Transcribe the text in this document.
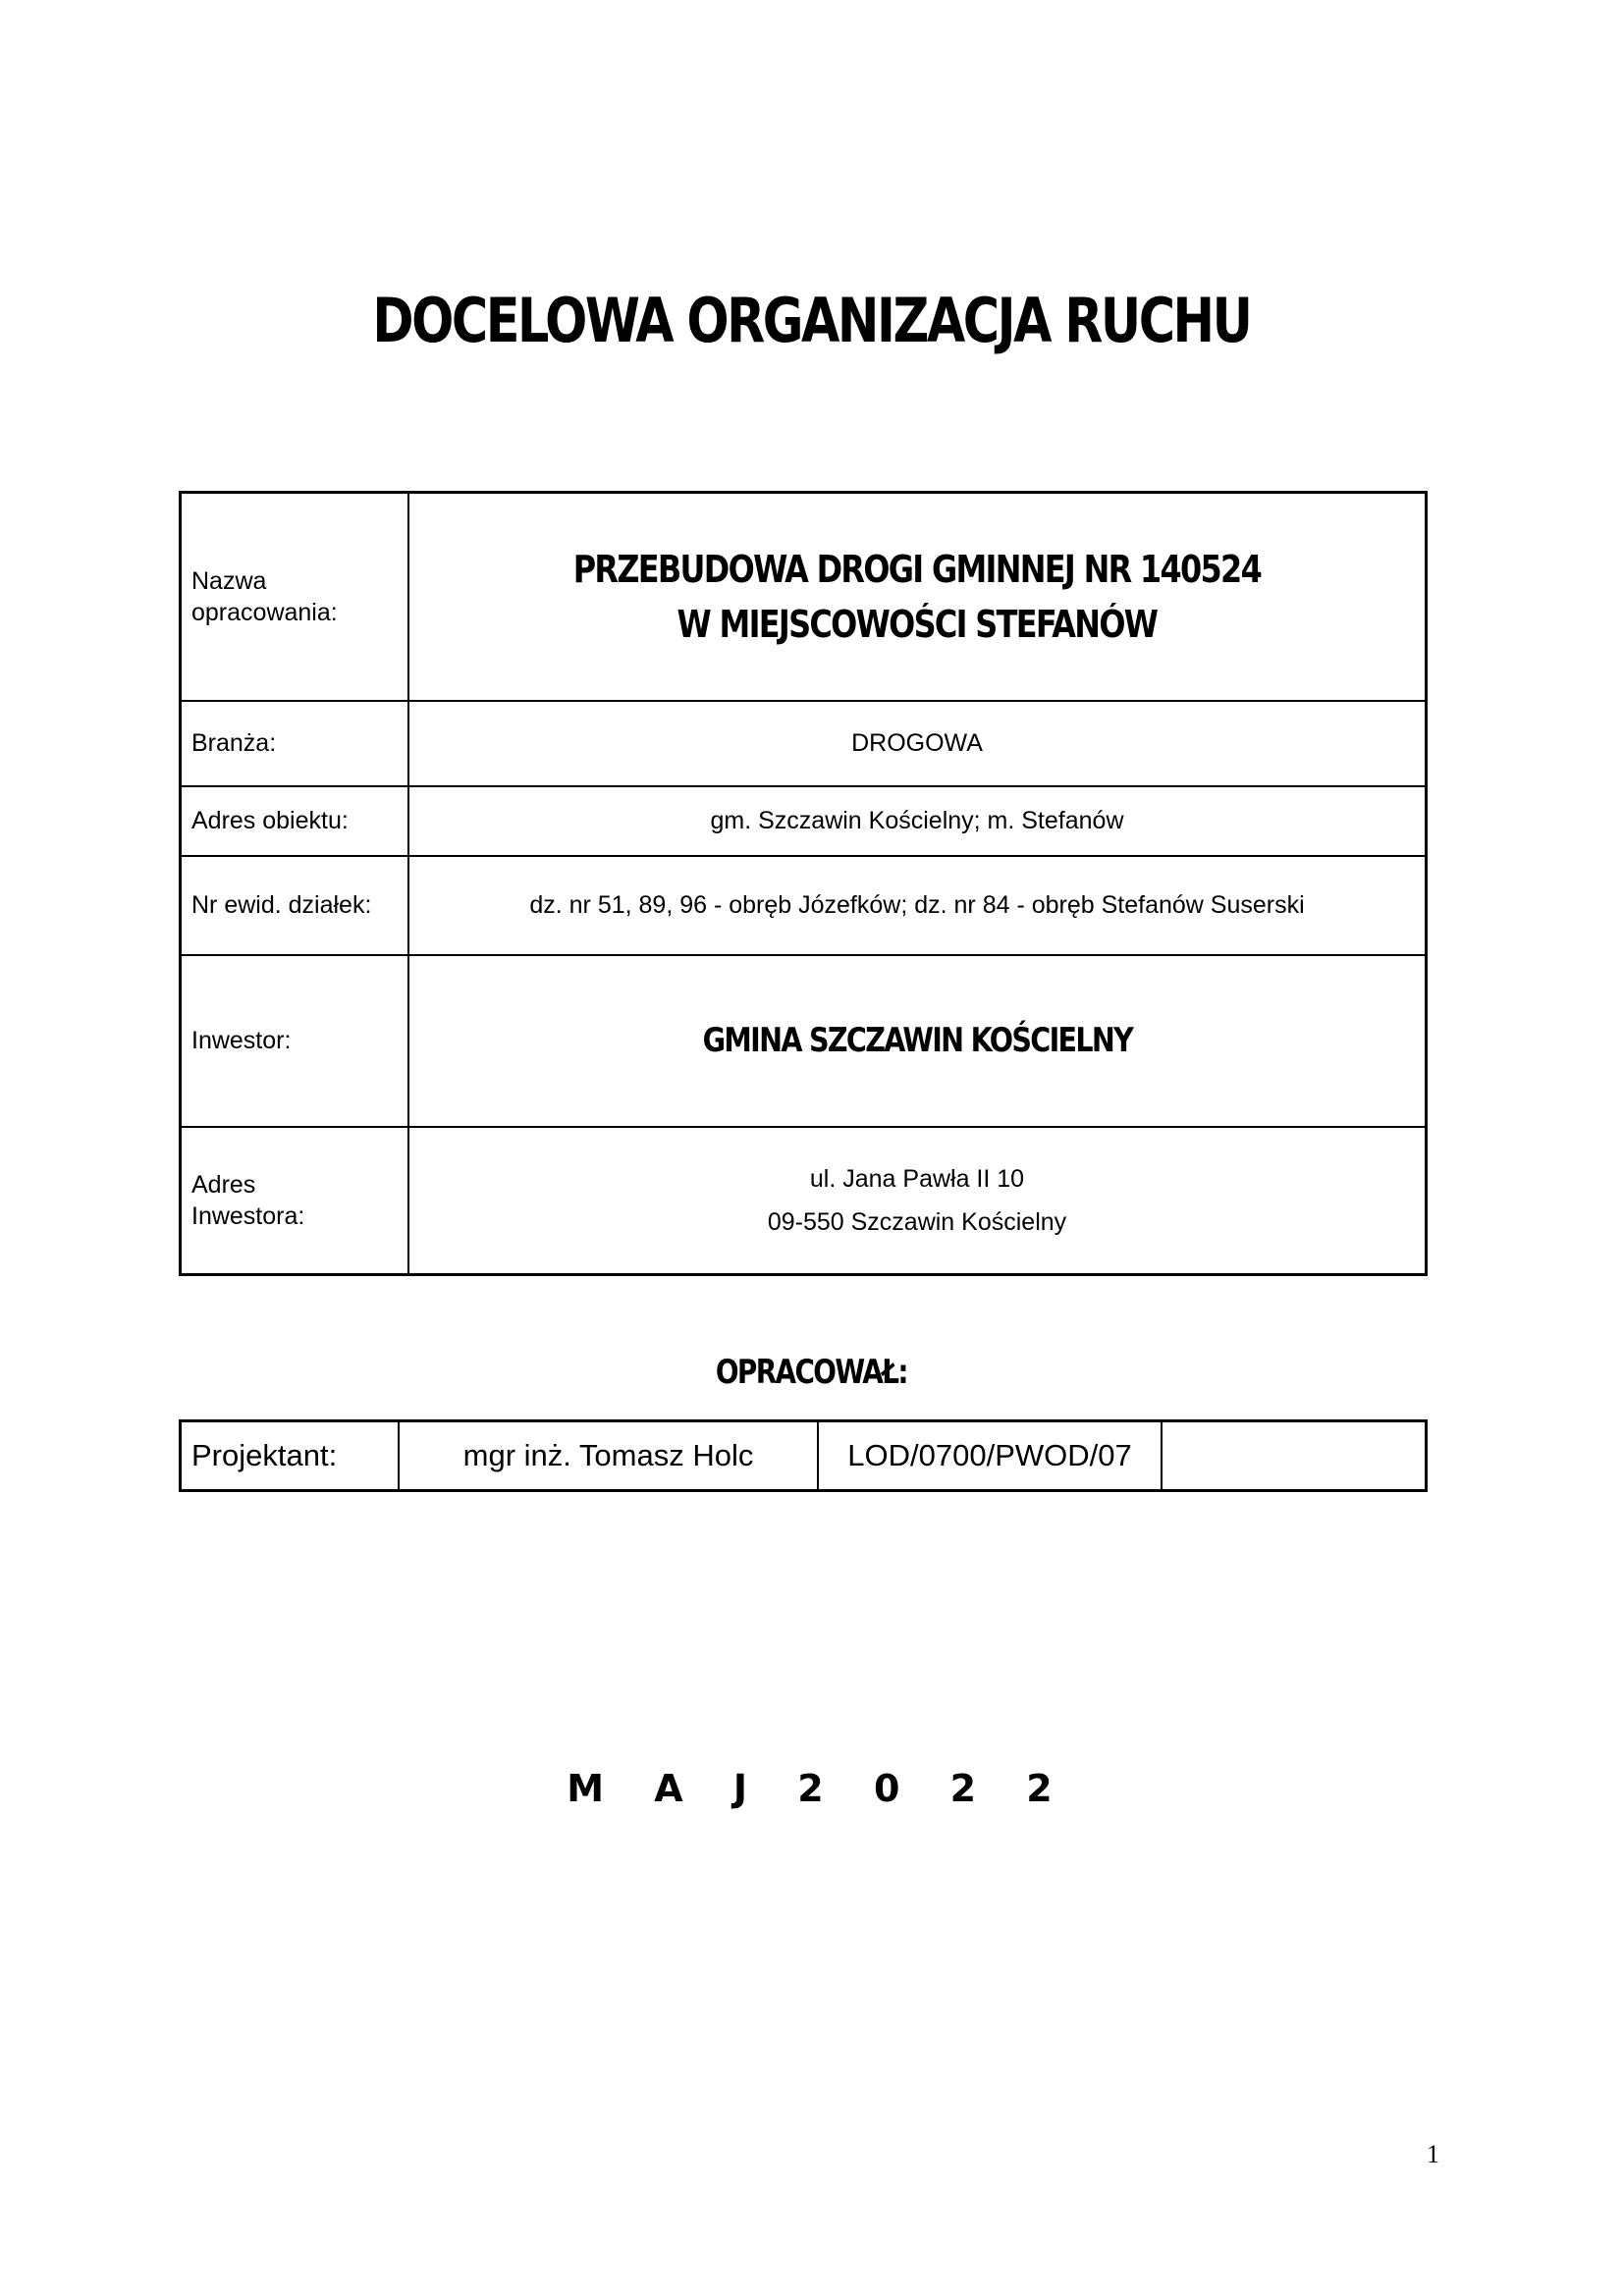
DOCELOWA ORGANIZACJA RUCHU
Nazwa opracowania:	PRZEBUDOWA DROGI GMINNEJ NR 140524
W MIEJSCOWOŚCI STEFANÓW
Branża:	DROGOWA
Adres obiektu:	gm. Szczawin Kościelny; m. Stefanów
Nr ewid. działek:	dz. nr 51, 89, 96 - obręb Józefków; dz. nr 84 - obręb Stefanów Suserski
Inwestor:	GMINA SZCZAWIN KOŚCIELNY
Adres
Inwestora:	ul. Jana Pawła II 10
09-550 Szczawin Kościelny
OPRACOWAŁ:
Projektant:	mgr inż. Tomasz Holc	LOD/0700/PWOD/07	
M A J 2 0 2 2
1
